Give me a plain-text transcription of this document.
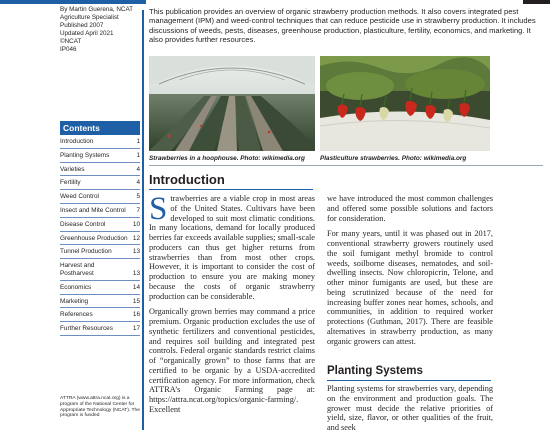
By Martin Guerena, NCAT
Agriculture Specialist
Published 2007
Updated April 2021
©NCAT
IP046
Contents
Introduction	1
Planting Systems	1
Varieties	4
Fertility	4
Weed Control	5
Insect and Mite Control	7
Disease Control	10
Greenhouse Production 12
Tunnel Production	13
Harvest and Postharvest	13
Economics	14
Marketing	15
References	16
Further Resources	17
ATTRA (www.attra.ncat.org) is a program of the National Center for Appropriate Technology (NCAT). The program is funded
This publication provides an overview of organic strawberry production methods. It also covers integrated pest management (IPM) and weed-control techniques that can reduce pesticide use in strawberry production. It includes discussions of weeds, pests, diseases, greenhouse production, plasticulture, fertility, economics, and marketing. It also provides further resources.
Strawberries in a hoophouse. Photo: wikimedia.org Plasticulture strawberries. Photo: wikimedia.org
Introduction

Strawberries are a viable crop in most areas of the United States. Cultivars have been developed to suit most climatic conditions. In many locations, demand for locally produced berries far exceeds available supplies; small-scale producers can thus get higher returns from strawberries than from most other crops. However, it is important to consider the cost of production to ensure you are making money because the costs of organic strawberry production can be considerable.

Organically grown berries may command a price premium. Organic production excludes the use of synthetic fertilizers and conventional pesticides, and requires soil building and integrated pest controls. Federal organic standards restrict claims of “organically grown” to those farms that are certified to be organic by a USDA-accredited certification agency. For more information, check ATTRA’s Organic Farming page at: https://attra.ncat.org/topics/organic-farming/. Excellent

we have introduced the most common challenges and offered some possible solutions and factors for consideration.

For many years, until it was phased out in 2017, conventional strawberry growers routinely used the soil fumigant methyl bromide to control weeds, soilborne diseases, nematodes, and soil-dwelling insects. Now chloropicrin, Telone, and other minor fumigants are used, but these are being scrutinized because of the need for increasing buffer zones near homes, schools, and communities, in addition to required worker protections (Guthman, 2017). There are feasible alternatives in strawberry production, as many organic growers can attest.

Planting Systems

Planting systems for strawberries vary, depending on the environment and production goals. The grower must decide the relative priorities of yield, size, flavor, or other qualities of the fruit, and seek
